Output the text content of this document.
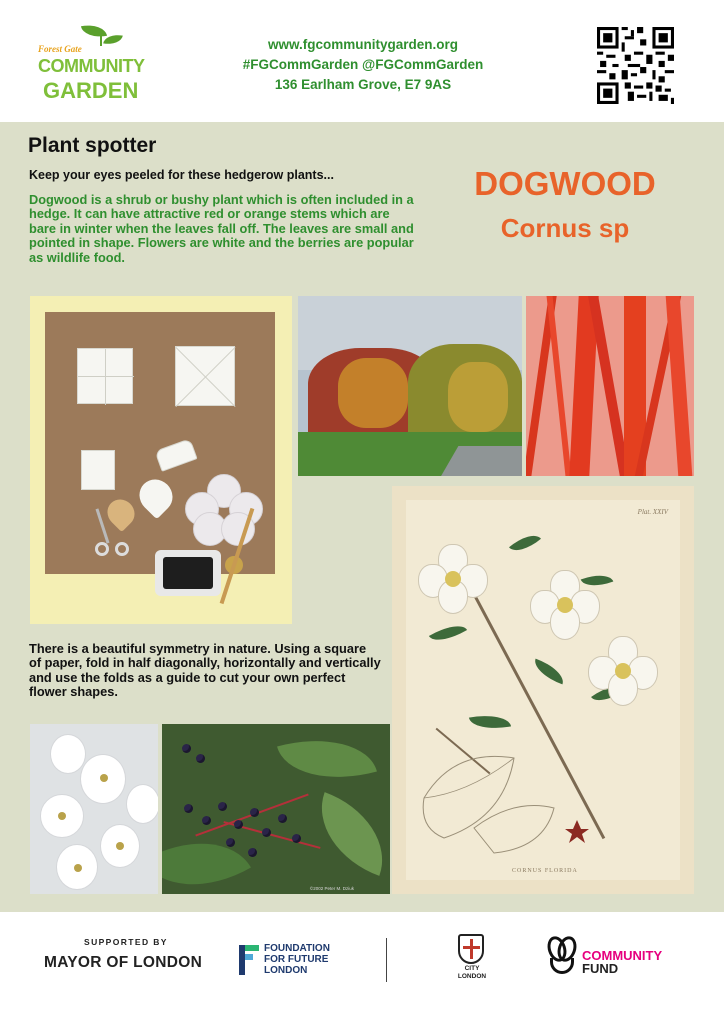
Forest Gate
COMMUNITY
GARDEN
www.fgcommunitygarden.org
#FGCommGarden @FGCommGarden
136 Earlham Grove, E7 9AS
Plant spotter
Keep your eyes peeled for these hedgerow plants...
Dogwood is a shrub or bushy plant which is often included in a hedge. It can have attractive red or orange stems which are bare in winter when the leaves fall off. The leaves are small and pointed in shape. Flowers are white and the berries are popular as wildlife food.
DOGWOOD
Cornus sp
Plat. XXIV
CORNUS FLORIDA
There is a beautiful symmetry in nature. Using a square of paper, fold in half diagonally, horizontally and vertically and use the folds as a guide to cut your own perfect flower shapes.
©2002 Peter M. Dziuk
SUPPORTED BY
MAYOR OF LONDON
FOUNDATION
FOR FUTURE
LONDON	CITY
LONDON
COMMUNITY
FUND
